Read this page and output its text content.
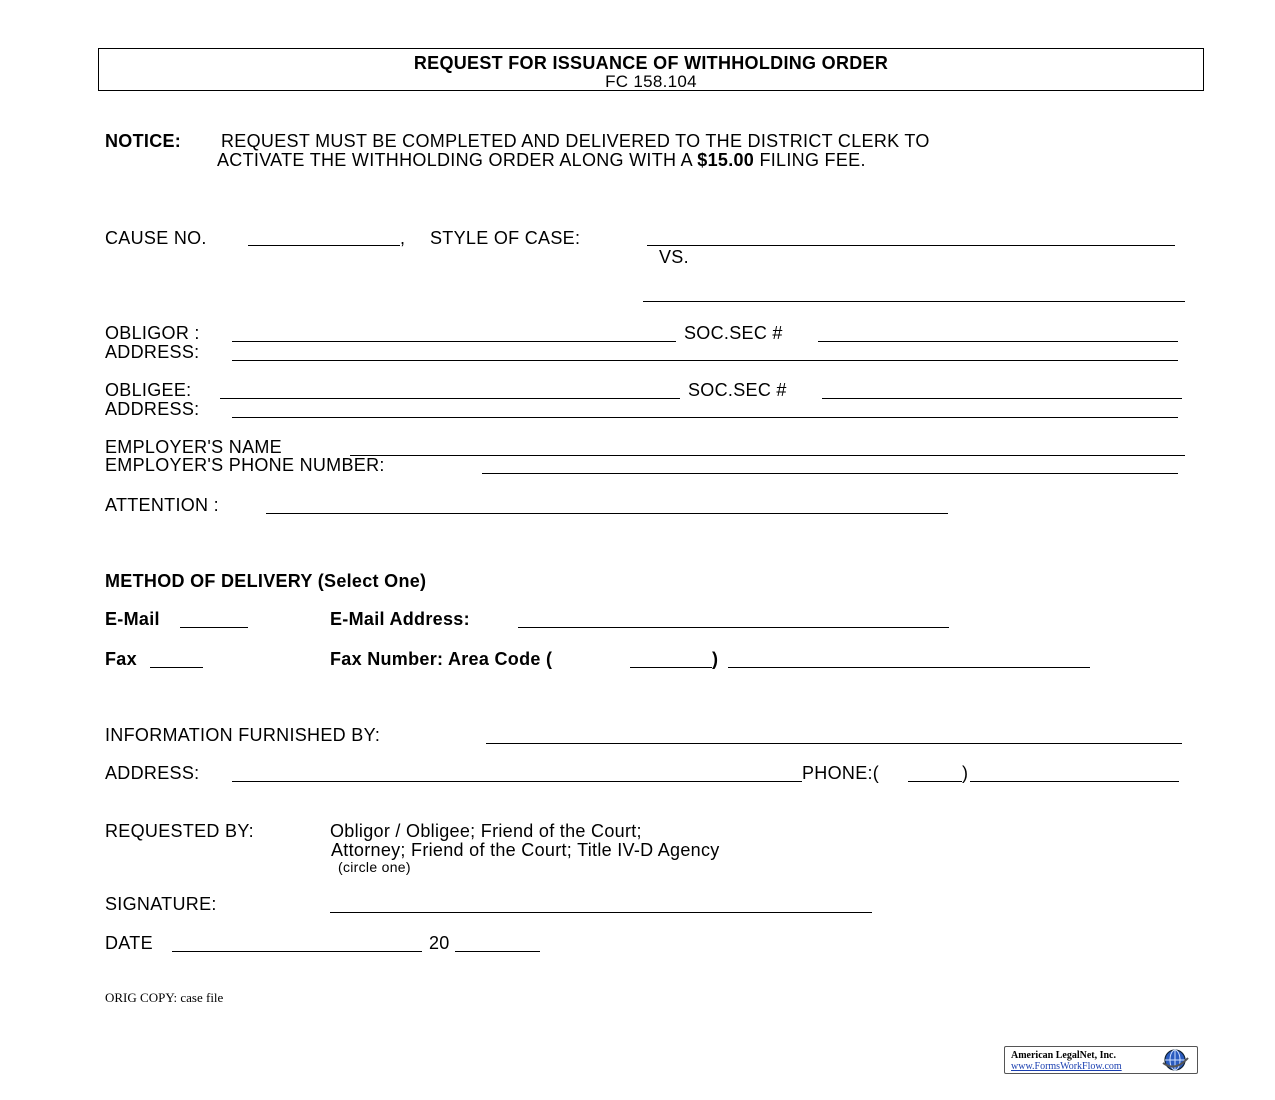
REQUEST FOR ISSUANCE OF WITHHOLDING ORDER
FC 158.104
NOTICE: REQUEST MUST BE COMPLETED AND DELIVERED TO THE DISTRICT CLERK TO
ACTIVATE THE WITHHOLDING ORDER ALONG WITH A $15.00 FILING FEE.
CAUSE NO.	, STYLE OF CASE:
VS.
OBLIGOR :	SOC.SEC #
ADDRESS:
OBLIGEE:	SOC.SEC #
ADDRESS:
EMPLOYER'S NAME
EMPLOYER'S PHONE NUMBER:
ATTENTION :
METHOD OF DELIVERY (Select One)
E-Mail	E-Mail Address:
Fax	Fax Number: Area Code (	)
INFORMATION FURNISHED BY:
ADDRESS:	PHONE:(	)
REQUESTED BY:	Obligor / Obligee; Friend of the Court;
Attorney; Friend of the Court; Title IV-D Agency
(circle one)
SIGNATURE:
DATE	20
ORIG COPY: case file
American LegalNet, Inc.
www.FormsWorkFlow.com
